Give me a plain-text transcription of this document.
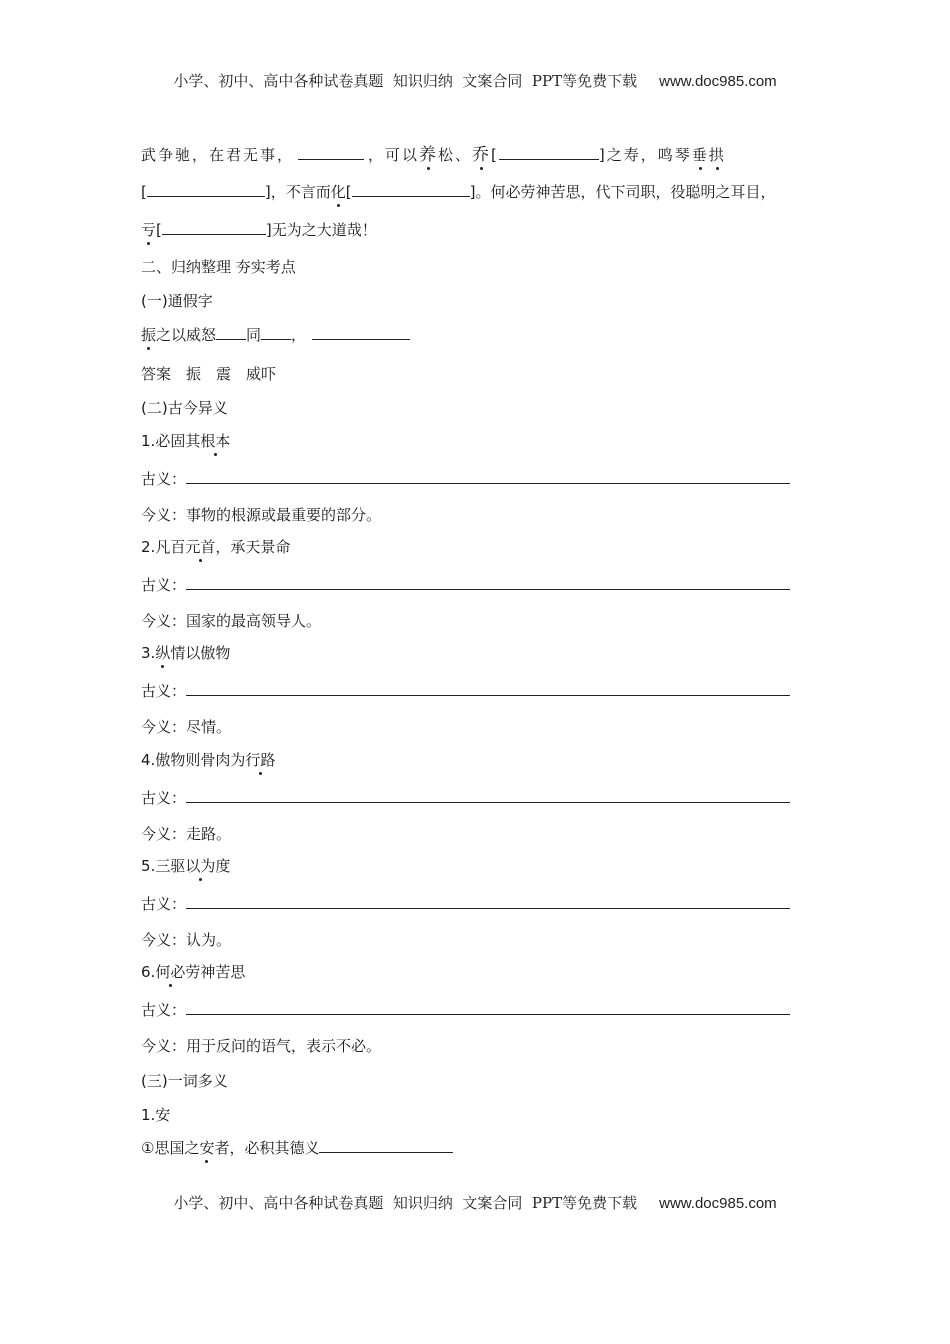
小学、初中、高中各种试卷真题  知识归纳  文案合同  PPT等免费下载 www.doc985.com
武争驰，在君无事，	，可以养松、乔[	]之寿，鸣琴垂拱
[	]，不言而化[	]。何必劳神苦思，代下司职，役聪明之耳目，
亏[	]无为之大道哉！
二、归纳整理 夯实考点
(一)通假字
振之以威怒 同 ，
答案　振　震　威吓
(二)古今异义
1.必固其根本
古义：
今义：事物的根源或最重要的部分。
2.凡百元首，承天景命
古义：
今义：国家的最高领导人。
3.纵情以傲物
古义：
今义：尽情。
4.傲物则骨肉为行路
古义：
今义：走路。
5.三驱以为度
古义：
今义：认为。
6.何必劳神苦思
古义：
今义：用于反问的语气，表示不必。
(三)一词多义
1.安
①思国之安者，必积其德义
小学、初中、高中各种试卷真题  知识归纳  文案合同  PPT等免费下载 www.doc985.com
